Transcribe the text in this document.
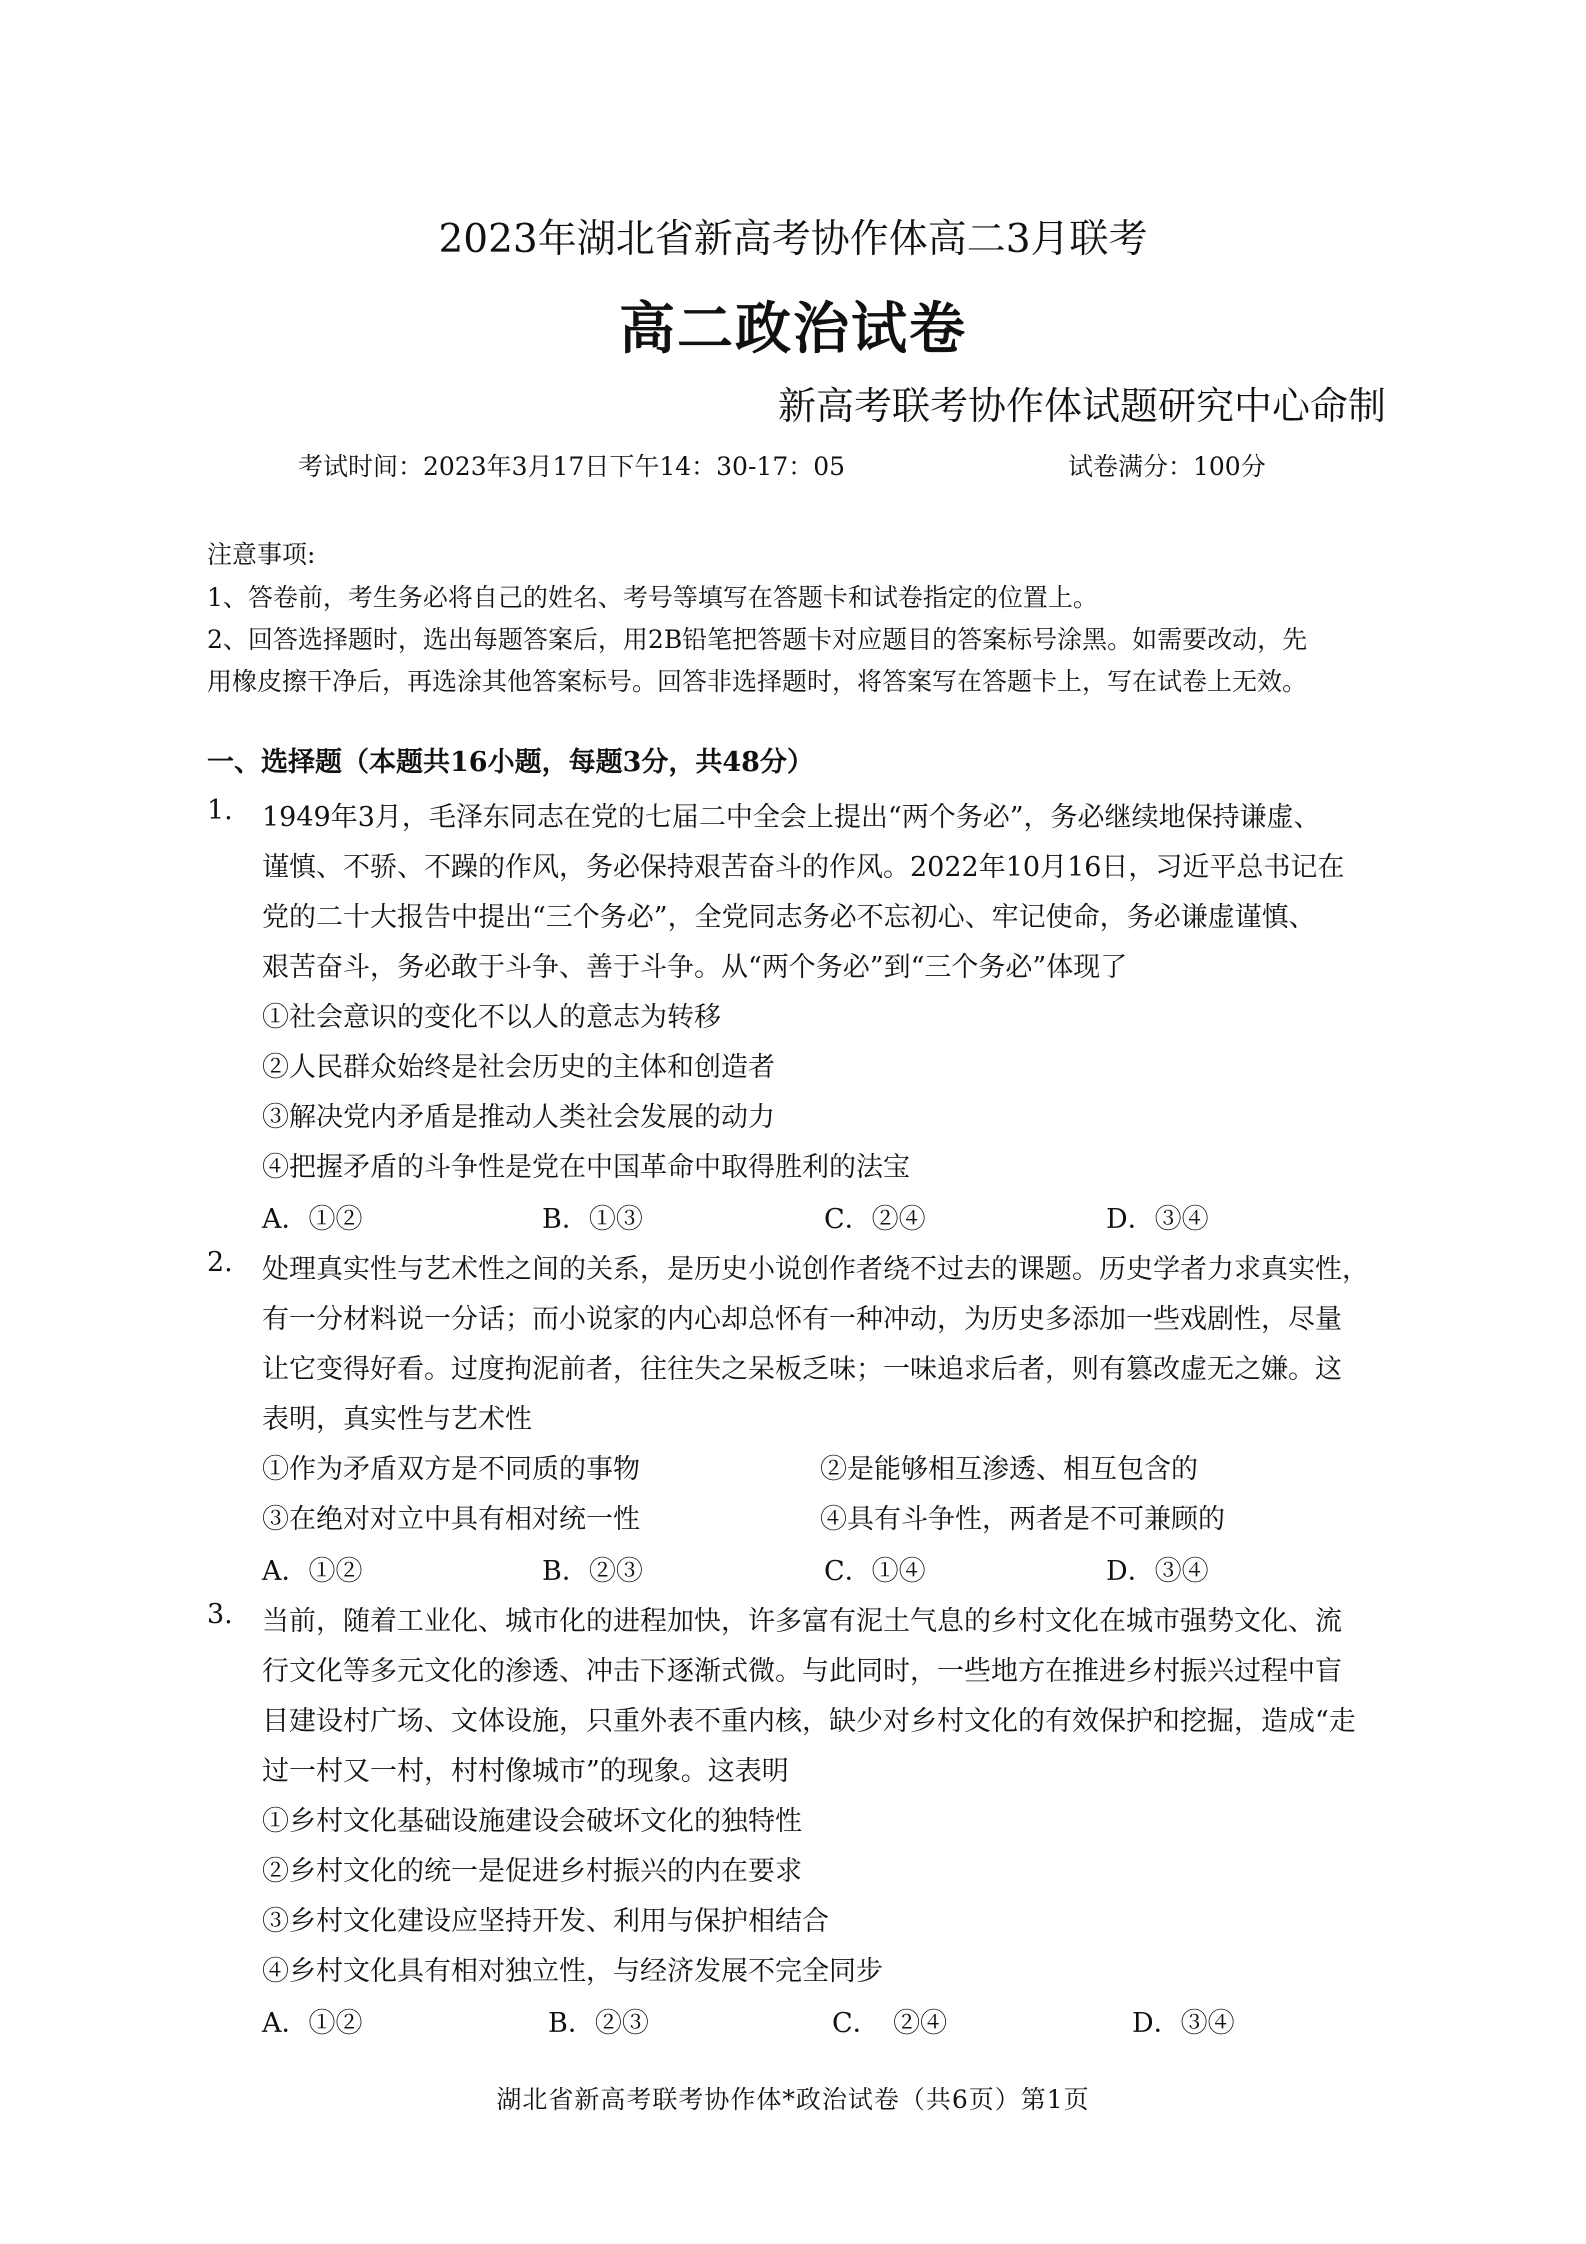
2023年湖北省新高考协作体高二3月联考
高二政治试卷
新高考联考协作体试题研究中心命制
考试时间：2023年3月17日下午14：30-17：05	试卷满分：100分
注意事项:
1、答卷前，考生务必将自己的姓名、考号等填写在答题卡和试卷指定的位置上。
2、回答选择题时，选出每题答案后，用2B铅笔把答题卡对应题目的答案标号涂黑。如需要改动，先
用橡皮擦干净后，再选涂其他答案标号。回答非选择题时，将答案写在答题卡上，写在试卷上无效。
一、选择题（本题共16小题，每题3分，共48分）
1. 1949年3月，毛泽东同志在党的七届二中全会上提出“两个务必”，务必继续地保持谦虚、
谨慎、不骄、不躁的作风，务必保持艰苦奋斗的作风。2022年10月16日，习近平总书记在
党的二十大报告中提出“三个务必”，全党同志务必不忘初心、牢记使命，务必谦虚谨慎、
艰苦奋斗，务必敢于斗争、善于斗争。从“两个务必”到“三个务必”体现了
①社会意识的变化不以人的意志为转移
②人民群众始终是社会历史的主体和创造者
③解决党内矛盾是推动人类社会发展的动力
④把握矛盾的斗争性是党在中国革命中取得胜利的法宝
A．①②	B．①③	C．②④	D．③④
2. 处理真实性与艺术性之间的关系，是历史小说创作者绕不过去的课题。历史学者力求真实性，
有一分材料说一分话；而小说家的内心却总怀有一种冲动，为历史多添加一些戏剧性，尽量
让它变得好看。过度拘泥前者，往往失之呆板乏味；一味追求后者，则有篡改虚无之嫌。这
表明，真实性与艺术性
①作为矛盾双方是不同质的事物	②是能够相互渗透、相互包含的
③在绝对对立中具有相对统一性	④具有斗争性，两者是不可兼顾的
A．①②	B．②③	C．①④	D．③④
3. 当前，随着工业化、城市化的进程加快，许多富有泥土气息的乡村文化在城市强势文化、流
行文化等多元文化的渗透、冲击下逐渐式微。与此同时，一些地方在推进乡村振兴过程中盲
目建设村广场、文体设施，只重外表不重内核，缺少对乡村文化的有效保护和挖掘，造成“走
过一村又一村，村村像城市”的现象。这表明
①乡村文化基础设施建设会破坏文化的独特性
②乡村文化的统一是促进乡村振兴的内在要求
③乡村文化建设应坚持开发、利用与保护相结合
④乡村文化具有相对独立性，与经济发展不完全同步
A．①②	B．②③	C．　②④	D．③④
湖北省新高考联考协作体*政治试卷（共6页）第1页
